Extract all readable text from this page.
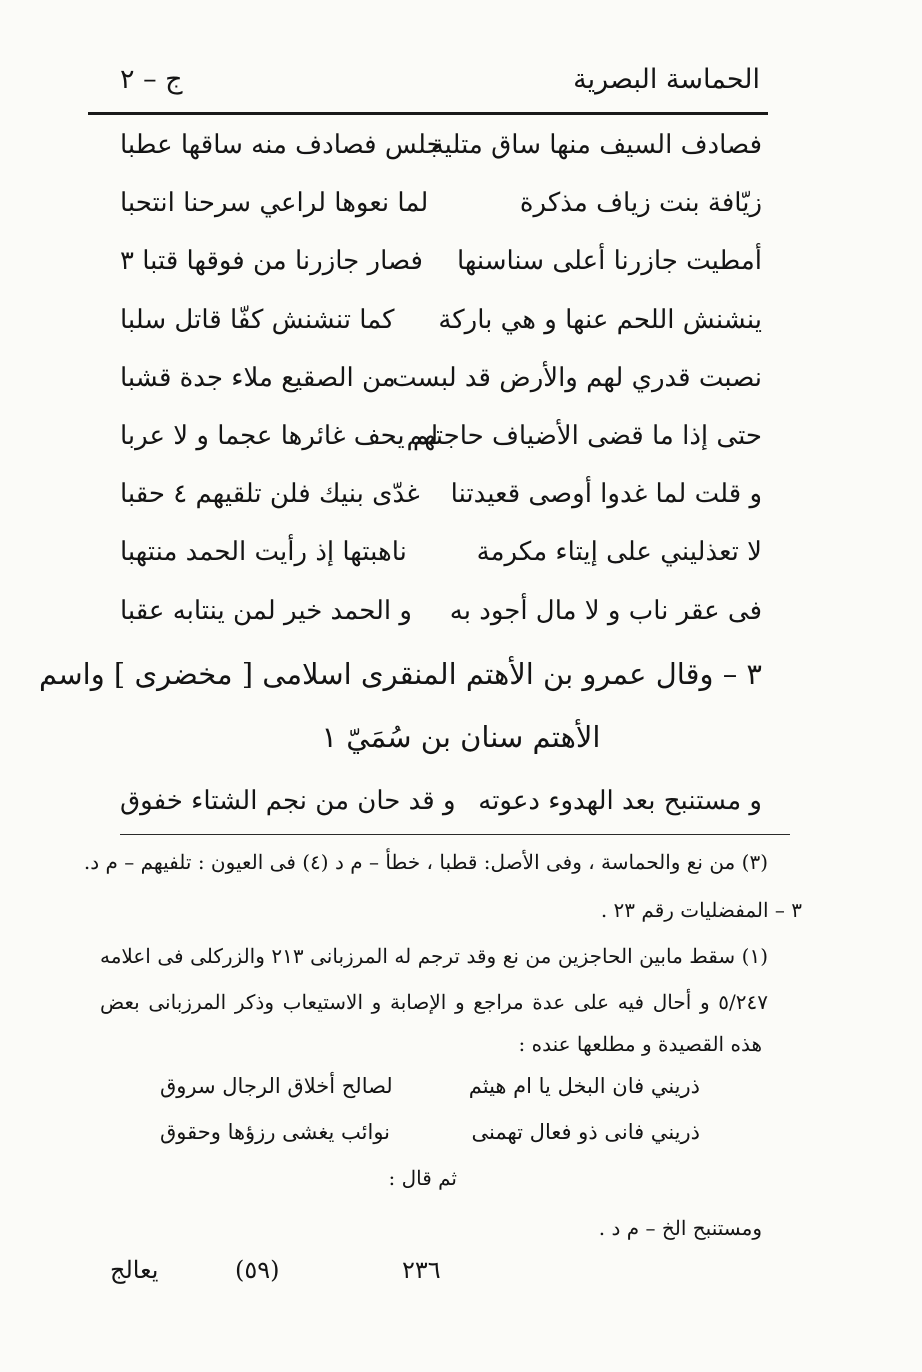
الحماسة البصرية
ج – ٢
فصادف السيف منها ساق متلية
جلس فصادف منه ساقها عطبا
زيّافة بنت زياف مذكرة
لما نعوها لراعي سرحنا انتحبا
أمطيت جازرنا أعلى سناسنها
فصار جازرنا من فوقها قتبا ٣
ينشنش اللحم عنها و هي باركة
كما تنشنش كفّا قاتل سلبا
نصبت قدري لهم والأرض قد لبست
من الصقيع ملاء جدة قشبا
حتى إذا ما قضى الأضياف حاجتهم
لم يحف غائرها عجما و لا عربا
و قلت لما غدوا أوصى قعيدتنا
غدّى بنيك فلن تلقيهم ٤ حقبا
لا تعذليني على إيتاء مكرمة
ناهبتها إذ رأيت الحمد منتهبا
فى عقر ناب و لا مال أجود به
و الحمد خير لمن ينتابه عقبا
٣ – وقال عمرو بن الأهتم المنقرى اسلامى [ مخضرى ] واسم
الأهتم سنان بن سُمَيّ ١
و مستنبح بعد الهدوء دعوته
و قد حان من نجم الشتاء خفوق
(٣) من نع والحماسة ، وفى الأصل: قطبا ، خطأ – م د (٤) فى العيون : تلفيهم – م د.
٣ – المفضليات رقم ٢٣ .
(١) سقط مابين الحاجزين من نع وقد ترجم له المرزبانى ٢١٣ والزركلى فى اعلامه
٥/٢٤٧ و أحال فيه على عدة مراجع و الإصابة و الاستيعاب وذكر المرزبانى بعض
هذه القصيدة و مطلعها عنده :
ذريني فان البخل يا ام هيثم
لصالح أخلاق الرجال سروق
ذريني فانى ذو فعال تهمنى
نوائب يغشى رزؤها وحقوق
ثم قال :
ومستنبح الخ – م د .
يعالج	(٥٩)	٢٣٦
